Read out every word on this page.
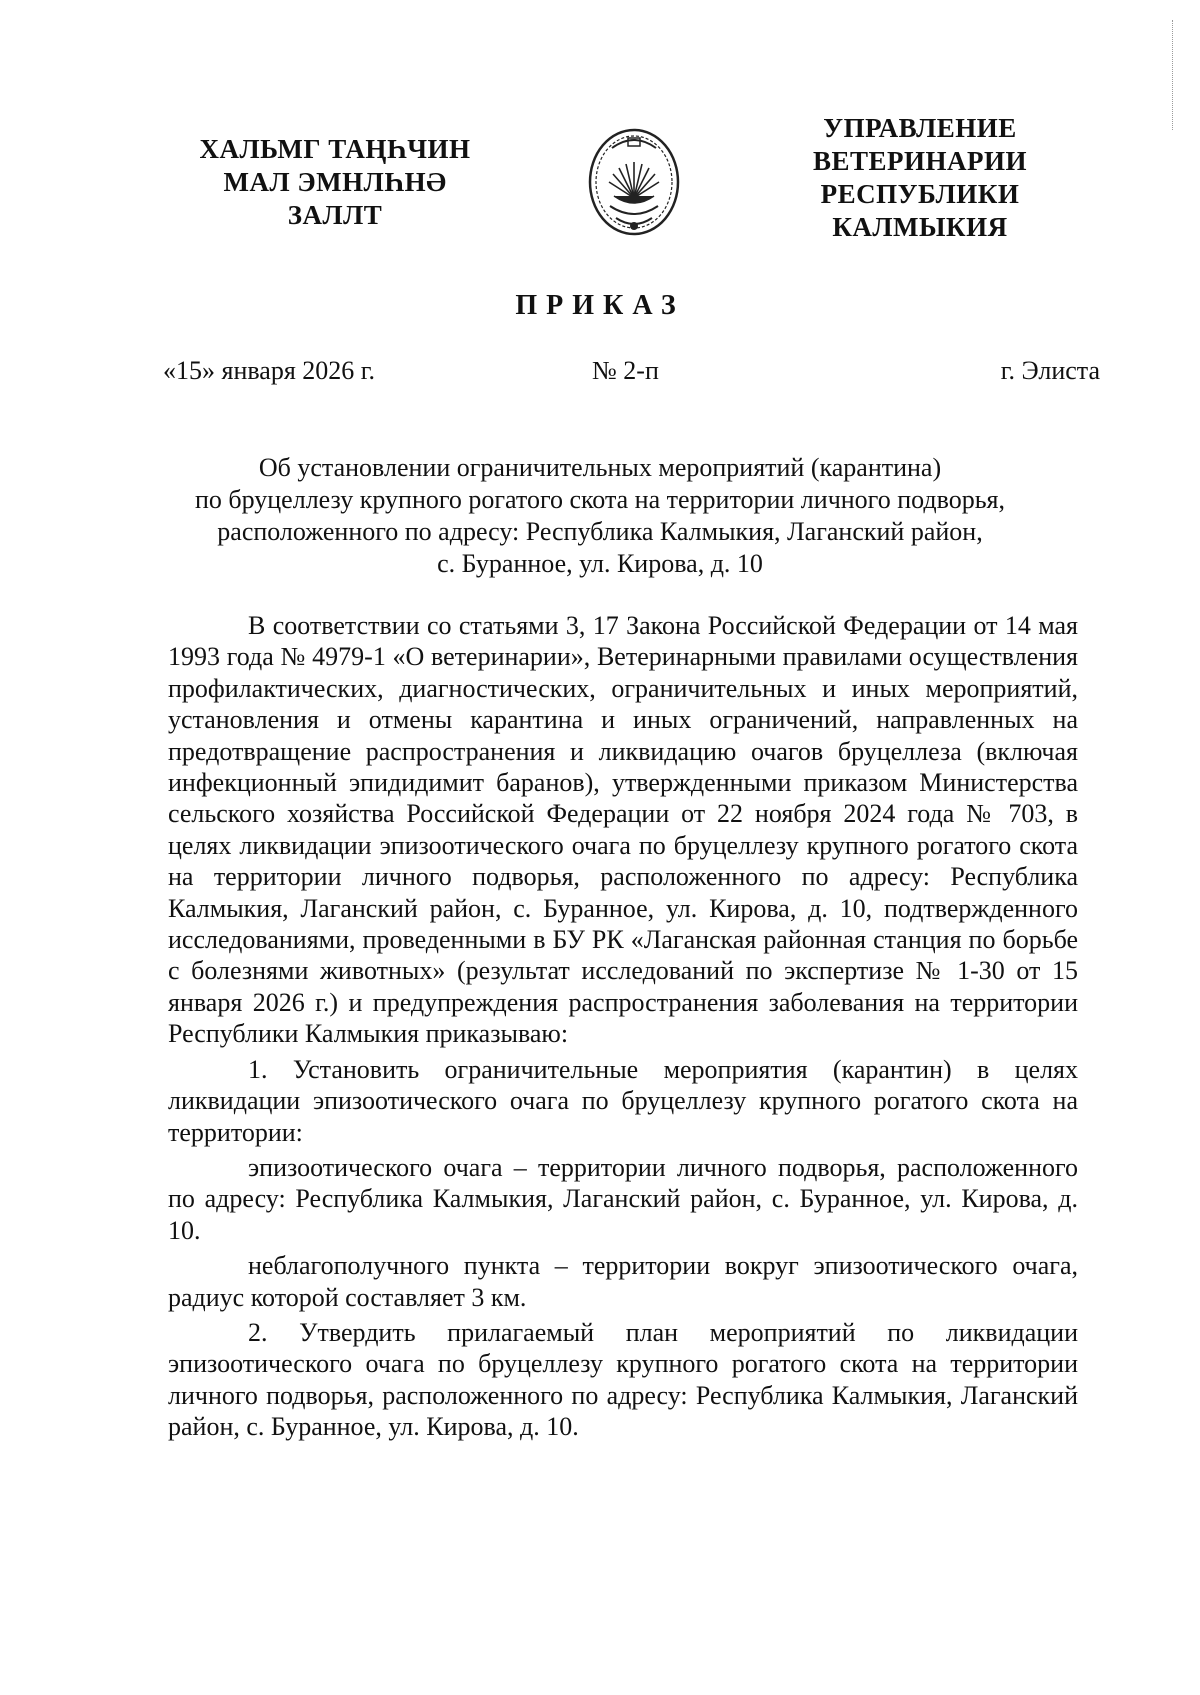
ХАЛЬМГ ТАҢҺЧИН
МАЛ ЭМНЛҺНӘ
ЗАЛЛТ
УПРАВЛЕНИЕ
ВЕТЕРИНАРИИ
РЕСПУБЛИКИ
КАЛМЫКИЯ
ПРИКАЗ
«15» января 2026 г.	№ 2-п	г. Элиста
Об установлении ограничительных мероприятий (карантина)
по бруцеллезу крупного рогатого скота на территории личного подворья,
расположенного по адресу: Республика Калмыкия, Лаганский район,
с. Буранное, ул. Кирова, д. 10

В соответствии со статьями 3, 17 Закона Российской Федерации от 14 мая 1993 года № 4979-1 «О ветеринарии», Ветеринарными правилами осуществления профилактических, диагностических, ограничительных и иных мероприятий, установления и отмены карантина и иных ограничений, направленных на предотвращение распространения и ликвидацию очагов бруцеллеза (включая инфекционный эпидидимит баранов), утвержденными приказом Министерства сельского хозяйства Российской Федерации от 22 ноября 2024 года № 703, в целях ликвидации эпизоотического очага по бруцеллезу крупного рогатого скота на территории личного подворья, расположенного по адресу: Республика Калмыкия, Лаганский район, с. Буранное, ул. Кирова, д. 10, подтвержденного исследованиями, проведенными в БУ РК «Лаганская районная станция по борьбе с болезнями животных» (результат исследований по экспертизе № 1-30 от 15 января 2026 г.) и предупреждения распространения заболевания на территории Республики Калмыкия приказываю:

1. Установить ограничительные мероприятия (карантин) в целях ликвидации эпизоотического очага по бруцеллезу крупного рогатого скота на территории:

эпизоотического очага – территории личного подворья, расположенного по адресу: Республика Калмыкия, Лаганский район, с. Буранное, ул. Кирова, д. 10.

неблагополучного пункта – территории вокруг эпизоотического очага, радиус которой составляет 3 км.

2. Утвердить прилагаемый план мероприятий по ликвидации эпизоотического очага по бруцеллезу крупного рогатого скота на территории личного подворья, расположенного по адресу: Республика Калмыкия, Лаганский район, с. Буранное, ул. Кирова, д. 10.
